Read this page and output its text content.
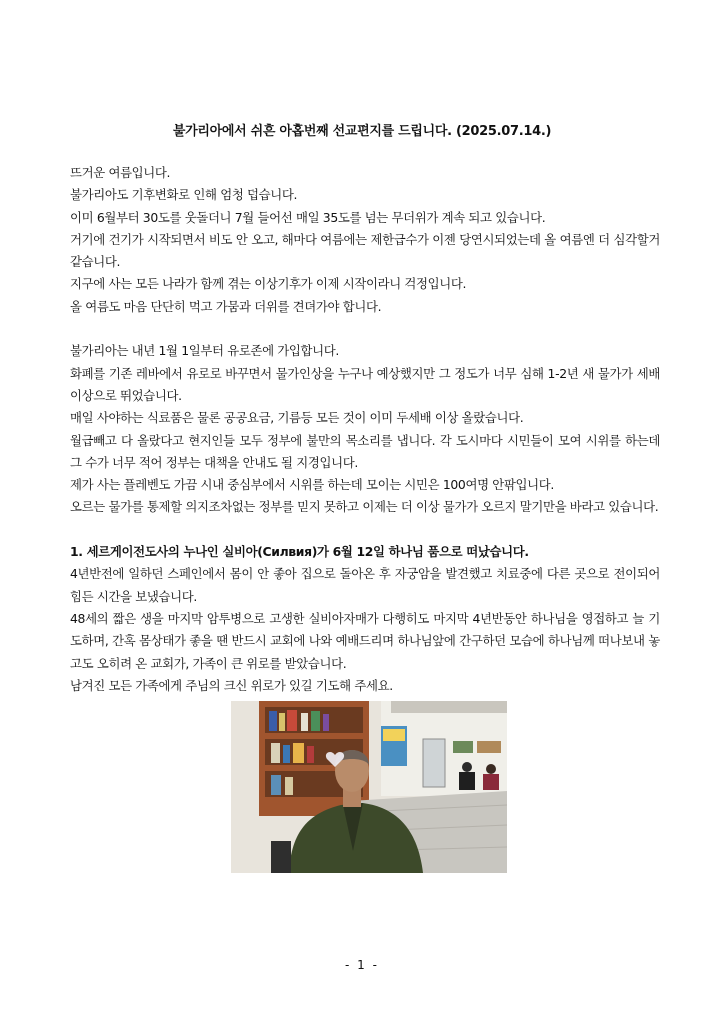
불가리아에서 쉬흔 아홉번째 선교편지를 드립니다. (2025.07.14.)

뜨거운 여름입니다.

불가리아도 기후변화로 인해 엄청 덥습니다.

이미 6월부터 30도를 웃돌더니 7월 들어선 매일 35도를 넘는 무더위가 계속 되고 있습니다.

거기에 건기가 시작되면서 비도 안 오고, 해마다 여름에는 제한급수가 이젠 당연시되었는데 올 여름엔 더 심각할거 같습니다.

지구에 사는 모든 나라가 함께 겪는 이상기후가 이제 시작이라니 걱정입니다.

올 여름도 마음 단단히 먹고 가뭄과 더위를 견뎌가야 합니다.

불가리아는 내년 1월 1일부터 유로존에 가입합니다.

화폐를 기존 레바에서 유로로 바꾸면서 물가인상을 누구나 예상했지만 그 정도가 너무 심해 1-2년 새 물가가 세배이상으로 뛰었습니다.

매일 사야하는 식료품은 물론 공공요금, 기름등 모든 것이 이미 두세배 이상 올랐습니다.

월급빼고 다 올랐다고 현지인들 모두 정부에 불만의 목소리를 냅니다. 각 도시마다 시민들이 모여 시위를 하는데 그 수가 너무 적어 정부는 대책을 안내도 될 지경입니다.

제가 사는 플레벤도 가끔 시내 중심부에서 시위를 하는데 모이는 시민은 100여명 안팎입니다.

오르는 물가를 통제할 의지조차없는 정부를 믿지 못하고 이제는 더 이상 물가가 오르지 말기만을 바라고 있습니다.

1. 세르게이전도사의 누나인 실비아(Силвия)가 6월 12일 하나님 품으로 떠났습니다.

4년반전에 일하던 스페인에서 몸이 안 좋아 집으로 돌아온 후 자궁암을 발견했고 치료중에 다른 곳으로 전이되어 힘든 시간을 보냈습니다.

48세의 짧은 생을 마지막 암투병으로 고생한 실비아자매가 다행히도 마지막 4년반동안 하나님을 영접하고 늘 기도하며, 간혹 몸상태가 좋을 땐 반드시 교회에 나와 예배드리며 하나님앞에 간구하던 모습에 하나님께 떠나보내 놓고도 오히려 온 교회가, 가족이 큰 위로를 받았습니다.

남겨진 모든 가족에게 주님의 크신 위로가 있길 기도해 주세요.

- 1 -
